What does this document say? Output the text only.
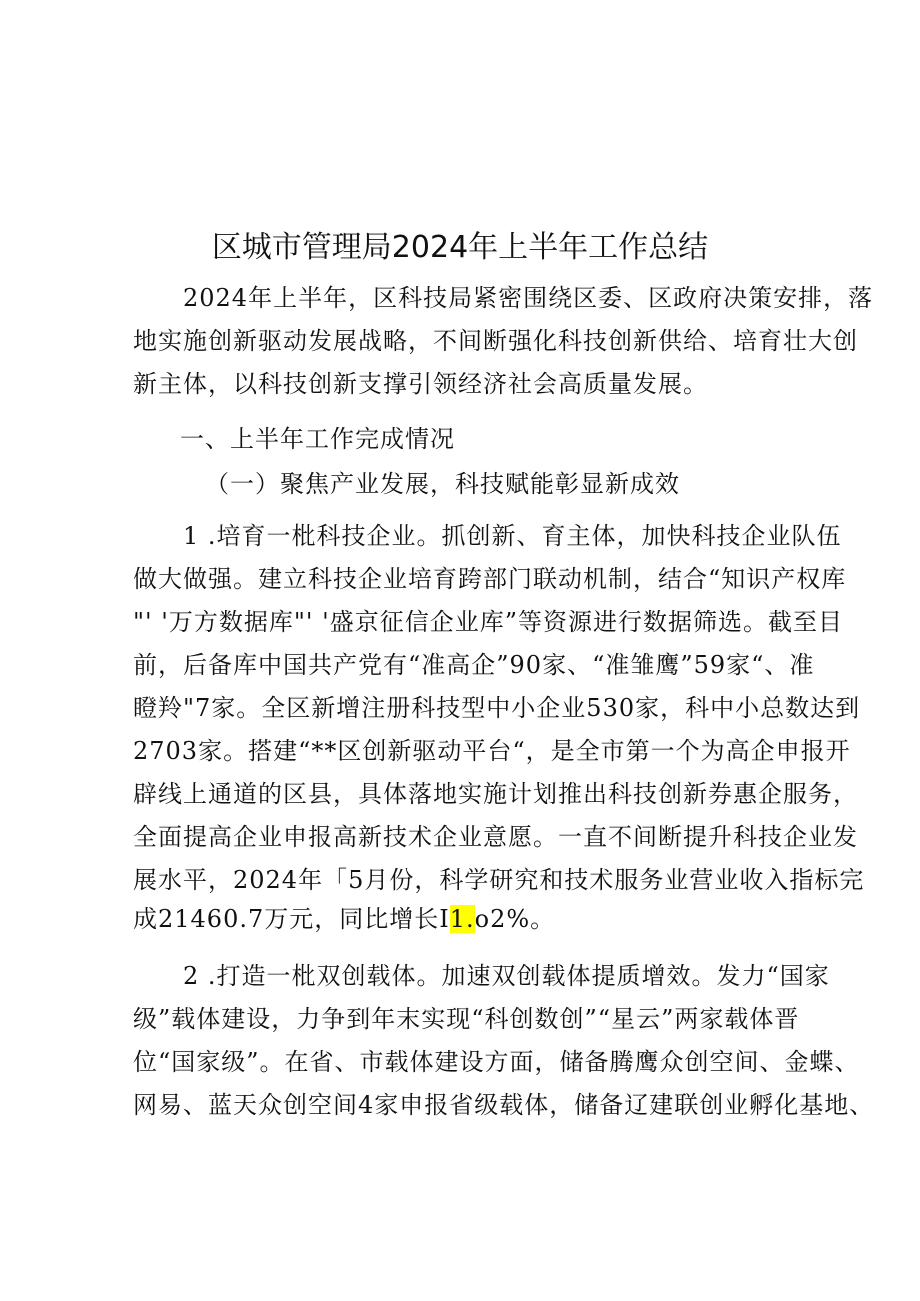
区城市管理局2024年上半年工作总结
2024年上半年，区科技局紧密围绕区委、区政府决策安排，落
地实施创新驱动发展战略，不间断强化科技创新供给、培育壮大创
新主体，以科技创新支撑引领经济社会高质量发展。
一、上半年工作完成情况
（一）聚焦产业发展，科技赋能彰显新成效
1 .培育一枇科技企业。抓创新、育主体，加快科技企业队伍
做大做强。建立科技企业培育跨部门联动机制，结合“知识产权库
"' '万方数据库"' '盛京征信企业库”等资源进行数据筛选。截至目
前，后备库中国共产党有“准高企”90家、“准雏鹰”59家“、准
瞪羚"7家。全区新增注册科技型中小企业530家，科中小总数达到
2703家。搭建“**区创新驱动平台“，是全市第一个为高企申报开
辟线上通道的区县，具体落地实施计划推出科技创新券惠企服务，
全面提高企业申报高新技术企业意愿。一直不间断提升科技企业发
展水平，2024年「5月份，科学研究和技术服务业营业收入指标完
成21460.7万元，同比增长I1.o2%。
2 .打造一枇双创载体。加速双创载体提质增效。发力“国家
级”载体建设，力争到年末实现“科创数创”“星云”两家载体晋
位“国家级”。在省、市载体建设方面，储备腾鹰众创空间、金蝶、
网易、蓝天众创空间4家申报省级载体，储备辽建联创业孵化基地、
